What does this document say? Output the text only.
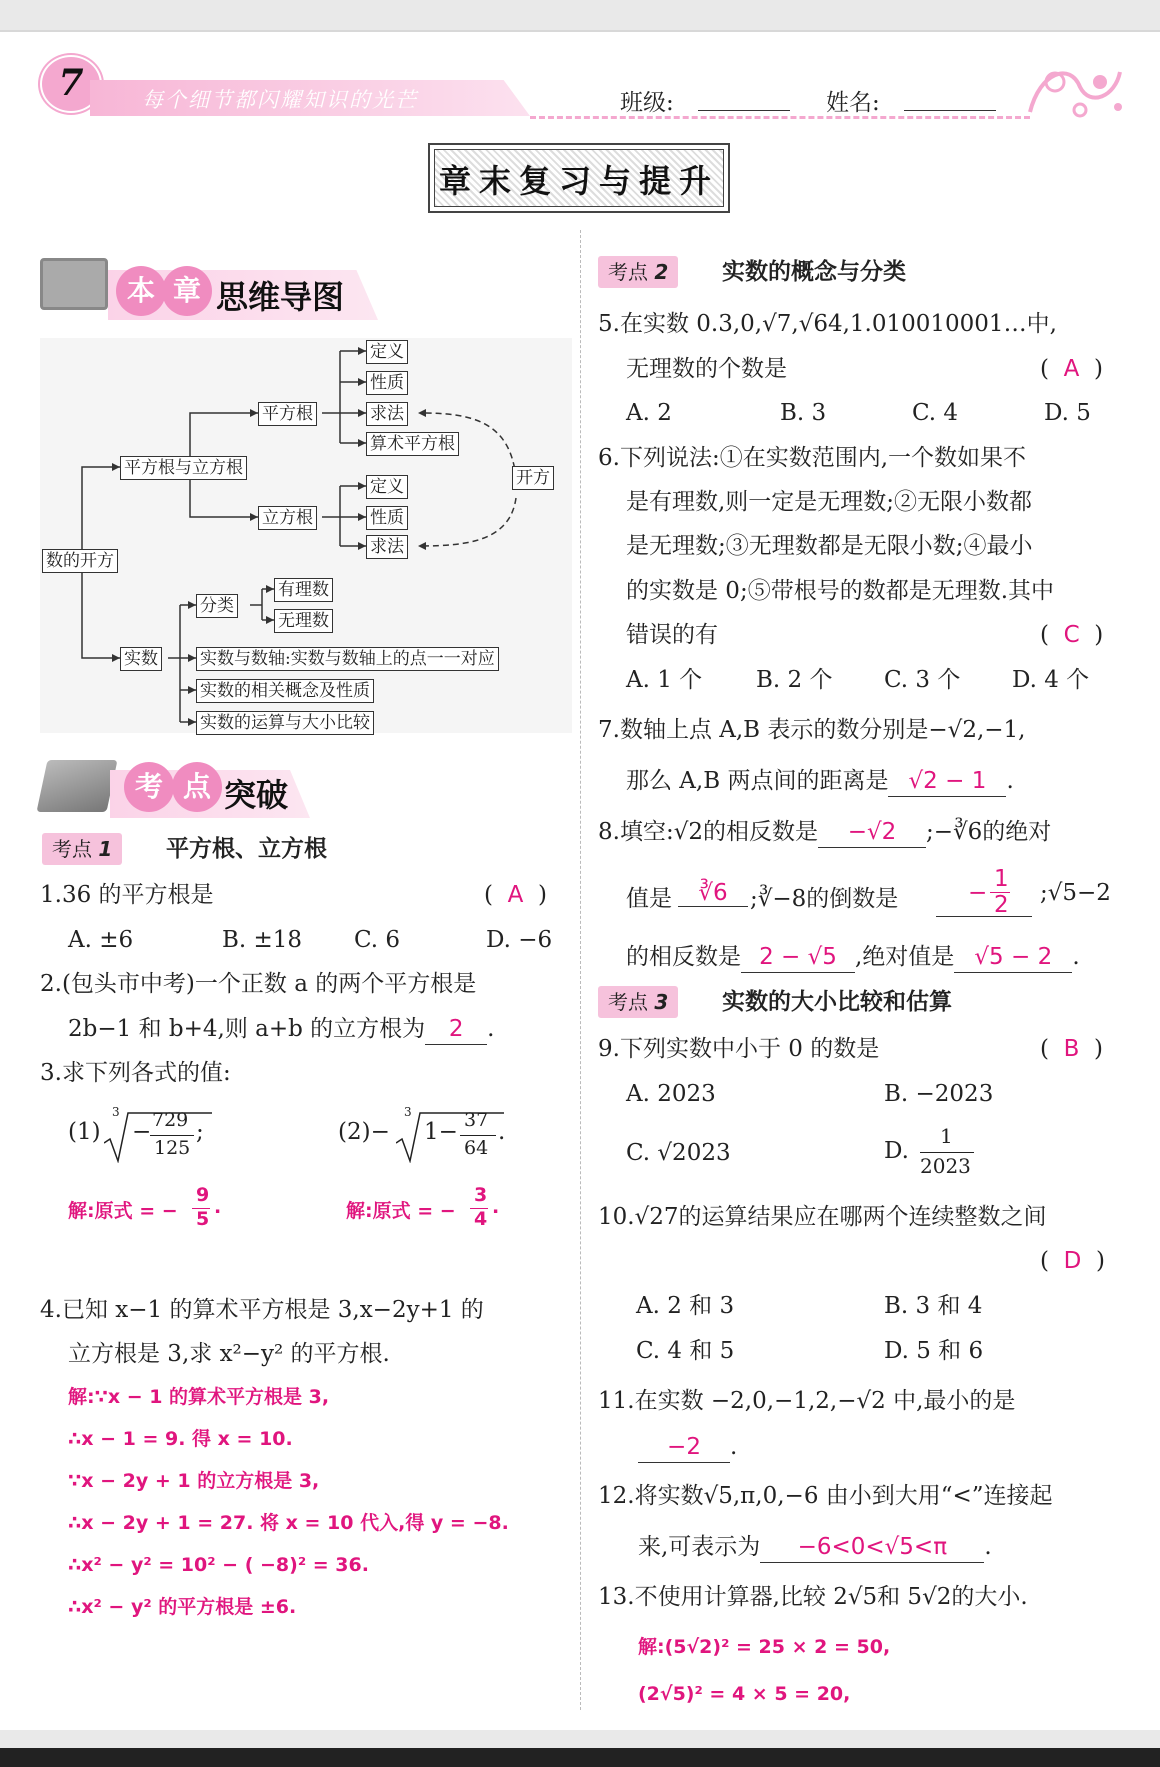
7	每个细节都闪耀知识的光芒	班级:	姓名:
章末复习与提升
本 章 思维导图
数的开方
平方根与立方根
平方根
定义
性质
求法
算术平方根
立方根
定义
性质
求法
开方
实数
分类
有理数
无理数
实数与数轴:实数与数轴上的点一一对应
实数的相关概念及性质
实数的运算与大小比较
考 点 突破
考点 1	平方根、立方根
1.36 的平方根是	(  A  )
A. ±6	B. ±18 C. 6	D. −6
2.(包头市中考)一个正数 a 的两个平方根是
2b−1 和 b+4,则 a+b 的立方根为 2 .
3.求下列各式的值:
(1)
3
− 729
125
;	(2)−
3
1− 37
64
.
解:原式 = −
9
5
.	解:原式 = −
3
4
.
4.已知 x−1 的算术平方根是 3,x−2y+1 的
立方根是 3,求 x²−y² 的平方根.
解:∵x − 1 的算术平方根是 3,
∴x − 1 = 9. 得 x = 10.
∵x − 2y + 1 的立方根是 3,
∴x − 2y + 1 = 27. 将 x = 10 代入,得 y = −8.
∴x² − y² = 10² − ( −8)² = 36.
∴x² − y² 的平方根是 ±6.
考点 2	实数的概念与分类
5.在实数 0.3,0,√7,√64,1.010010001…中,
无理数的个数是	(  A  )
A. 2	B. 3	C. 4	D. 5
6.下列说法:①在实数范围内,一个数如果不
是有理数,则一定是无理数;②无限小数都
是无理数;③无理数都是无限小数;④最小
的实数是 0;⑤带根号的数都是无理数.其中
错误的有	(  C  )
A. 1 个 B. 2 个 C. 3 个 D. 4 个
7.数轴上点 A,B 表示的数分别是−√2,−1,
那么 A,B 两点间的距离是 √2 − 1 .
8.填空:√2的相反数是 −√2 ;−∛6的绝对
值是	∛6 ;∛−8的倒数是	−
1
2 ;√5−2
的相反数是 2 − √5 ,绝对值是 √5 − 2 .
考点 3	实数的大小比较和估算
9.下列实数中小于 0 的数是	(  B  )
A. 2023	B. −2023
C. √2023	D.
1
2023
10.√27的运算结果应在哪两个连续整数之间
(  D  )
A. 2 和 3	B. 3 和 4
C. 4 和 5	D. 5 和 6
11.在实数 −2,0,−1,2,−√2 中,最小的是
−2 .
12.将实数√5,π,0,−6 由小到大用“<”连接起
来,可表示为 −6<0<√5<π .
13.不使用计算器,比较 2√5和 5√2的大小.
解:(5√2)² = 25 × 2 = 50,
(2√5)² = 4 × 5 = 20,
